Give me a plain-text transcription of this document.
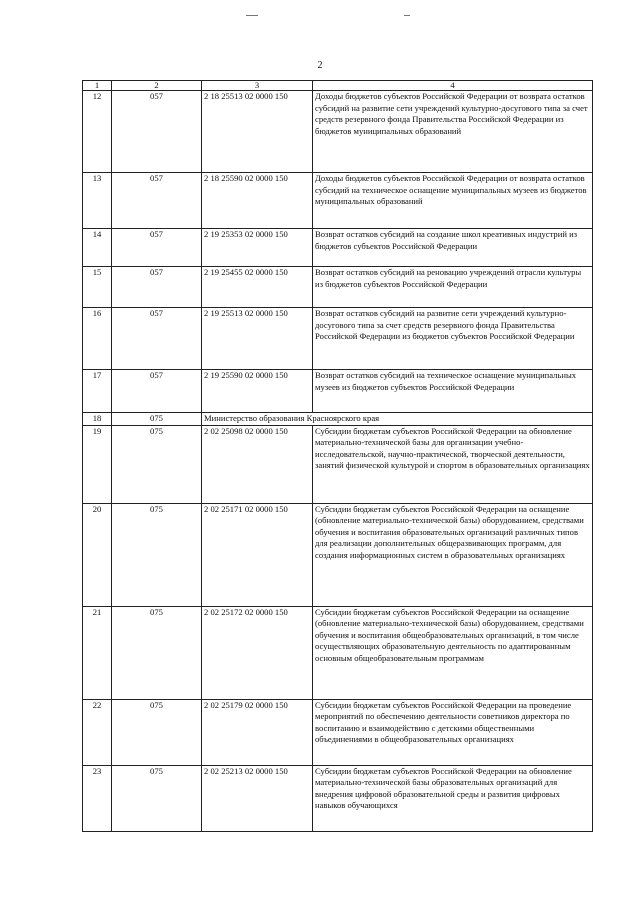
2
1	2	3	4
12	057	2 18 25513 02 0000 150	Доходы бюджетов субъектов Российской Федерации от возврата остатков субсидий на развитие сети учреждений культурно-досугового типа за счет средств резервного фонда Правительства Российской Федерации из бюджетов муниципальных образований
13	057	2 18 25590 02 0000 150	Доходы бюджетов субъектов Российской Федерации от возврата остатков субсидий на техническое оснащение муниципальных музеев из бюджетов муниципальных образований
14	057	2 19 25353 02 0000 150	Возврат остатков субсидий на создание школ креативных индустрий из бюджетов субъектов Российской Федерации
15	057	2 19 25455 02 0000 150	Возврат остатков субсидий на реновацию учреждений отрасли культуры из бюджетов субъектов Российской Федерации
16	057	2 19 25513 02 0000 150	Возврат остатков субсидий на развитие сети учреждений культурно-досугового типа за счет средств резервного фонда Правительства Российской Федерации из бюджетов субъектов Российской Федерации
17	057	2 19 25590 02 0000 150	Возврат остатков субсидий на техническое оснащение муниципальных музеев из бюджетов субъектов Российской Федерации
18	075	Министерство образования Красноярского края	
19	075	2 02 25098 02 0000 150	Субсидии бюджетам субъектов Российской Федерации на обновление материально-технической базы для организации учебно-исследовательской, научно-практической, творческой деятельности, занятий физической культурой и спортом в образовательных организациях
20	075	2 02 25171 02 0000 150	Субсидии бюджетам субъектов Российской Федерации на оснащение (обновление материально-технической базы) оборудованием, средствами обучения и воспитания образовательных организаций различных типов для реализации дополнительных общеразвивающих программ, для создания информационных систем в образовательных организациях
21	075	2 02 25172 02 0000 150	Субсидии бюджетам субъектов Российской Федерации на оснащение (обновление материально-технической базы) оборудованием, средствами обучения и воспитания общеобразовательных организаций, в том числе осуществляющих образовательную деятельность по адаптированным основным общеобразовательным программам
22	075	2 02 25179 02 0000 150	Субсидии бюджетам субъектов Российской Федерации на проведение мероприятий по обеспечению деятельности советников директора по воспитанию и взаимодействию с детскими общественными объединениями в общеобразовательных организациях
23	075	2 02 25213 02 0000 150	Субсидии бюджетам субъектов Российской Федерации на обновление материально-технической базы образовательных организаций для внедрения цифровой образовательной среды и развития цифровых навыков обучающихся
